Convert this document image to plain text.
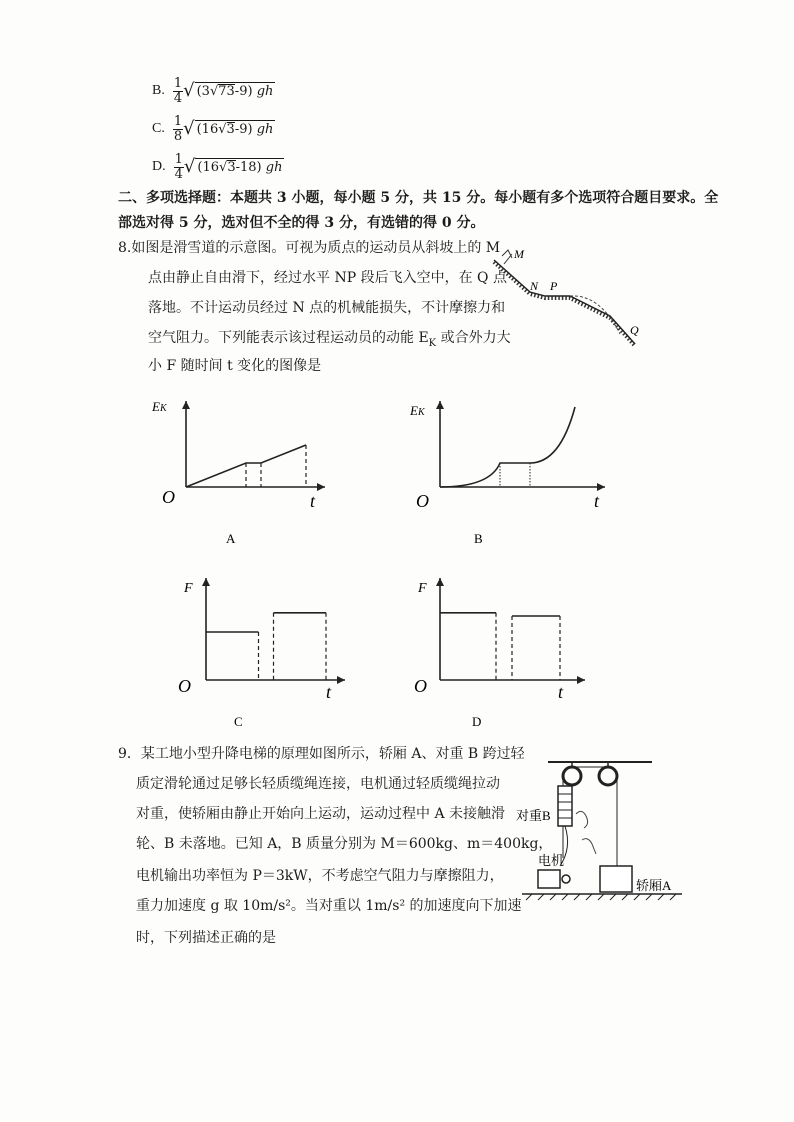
B. $\frac{1}{4}$ √ (3√73-9) gh
C. $\frac{1}{8}$ √ (16√3-9) gh
D. $\frac{1}{4}$ √ (16√3-18) gh
二、多项选择题：本题共 3 小题，每小题 5 分，共 15 分。每小题有多个选项符合题目要求。全
部选对得 5 分，选对但不全的得 3 分，有选错的得 0 分。
8.如图是滑雪道的示意图。可视为质点的运动员从斜坡上的 M
点由静止自由滑下，经过水平 NP 段后飞入空中，在 Q 点
落地。不计运动员经过 N 点的机械能损失，不计摩擦力和
空气阻力。下列能表示该过程运动员的动能 $E_K$ 或合外力大
小 F 随时间 t 变化的图像是
M
N P
Q
EK
O	t
A
EK
O	t
B
F
O	t
C
F
O	t
D
9．某工地小型升降电梯的原理如图所示，轿厢 A、对重 B 跨过轻
质定滑轮通过足够长轻质缆绳连接，电机通过轻质缆绳拉动
对重，使轿厢由静止开始向上运动，运动过程中 A 未接触滑
轮、B 未落地。已知 A，B 质量分别为 M＝600kg、m＝400kg，
电机输出功率恒为 P＝3kW，不考虑空气阻力与摩擦阻力，
重力加速度 g 取 10m/s²。当对重以 1m/s² 的加速度向下加速
时，下列描述正确的是
对重B
电机
轿厢A
